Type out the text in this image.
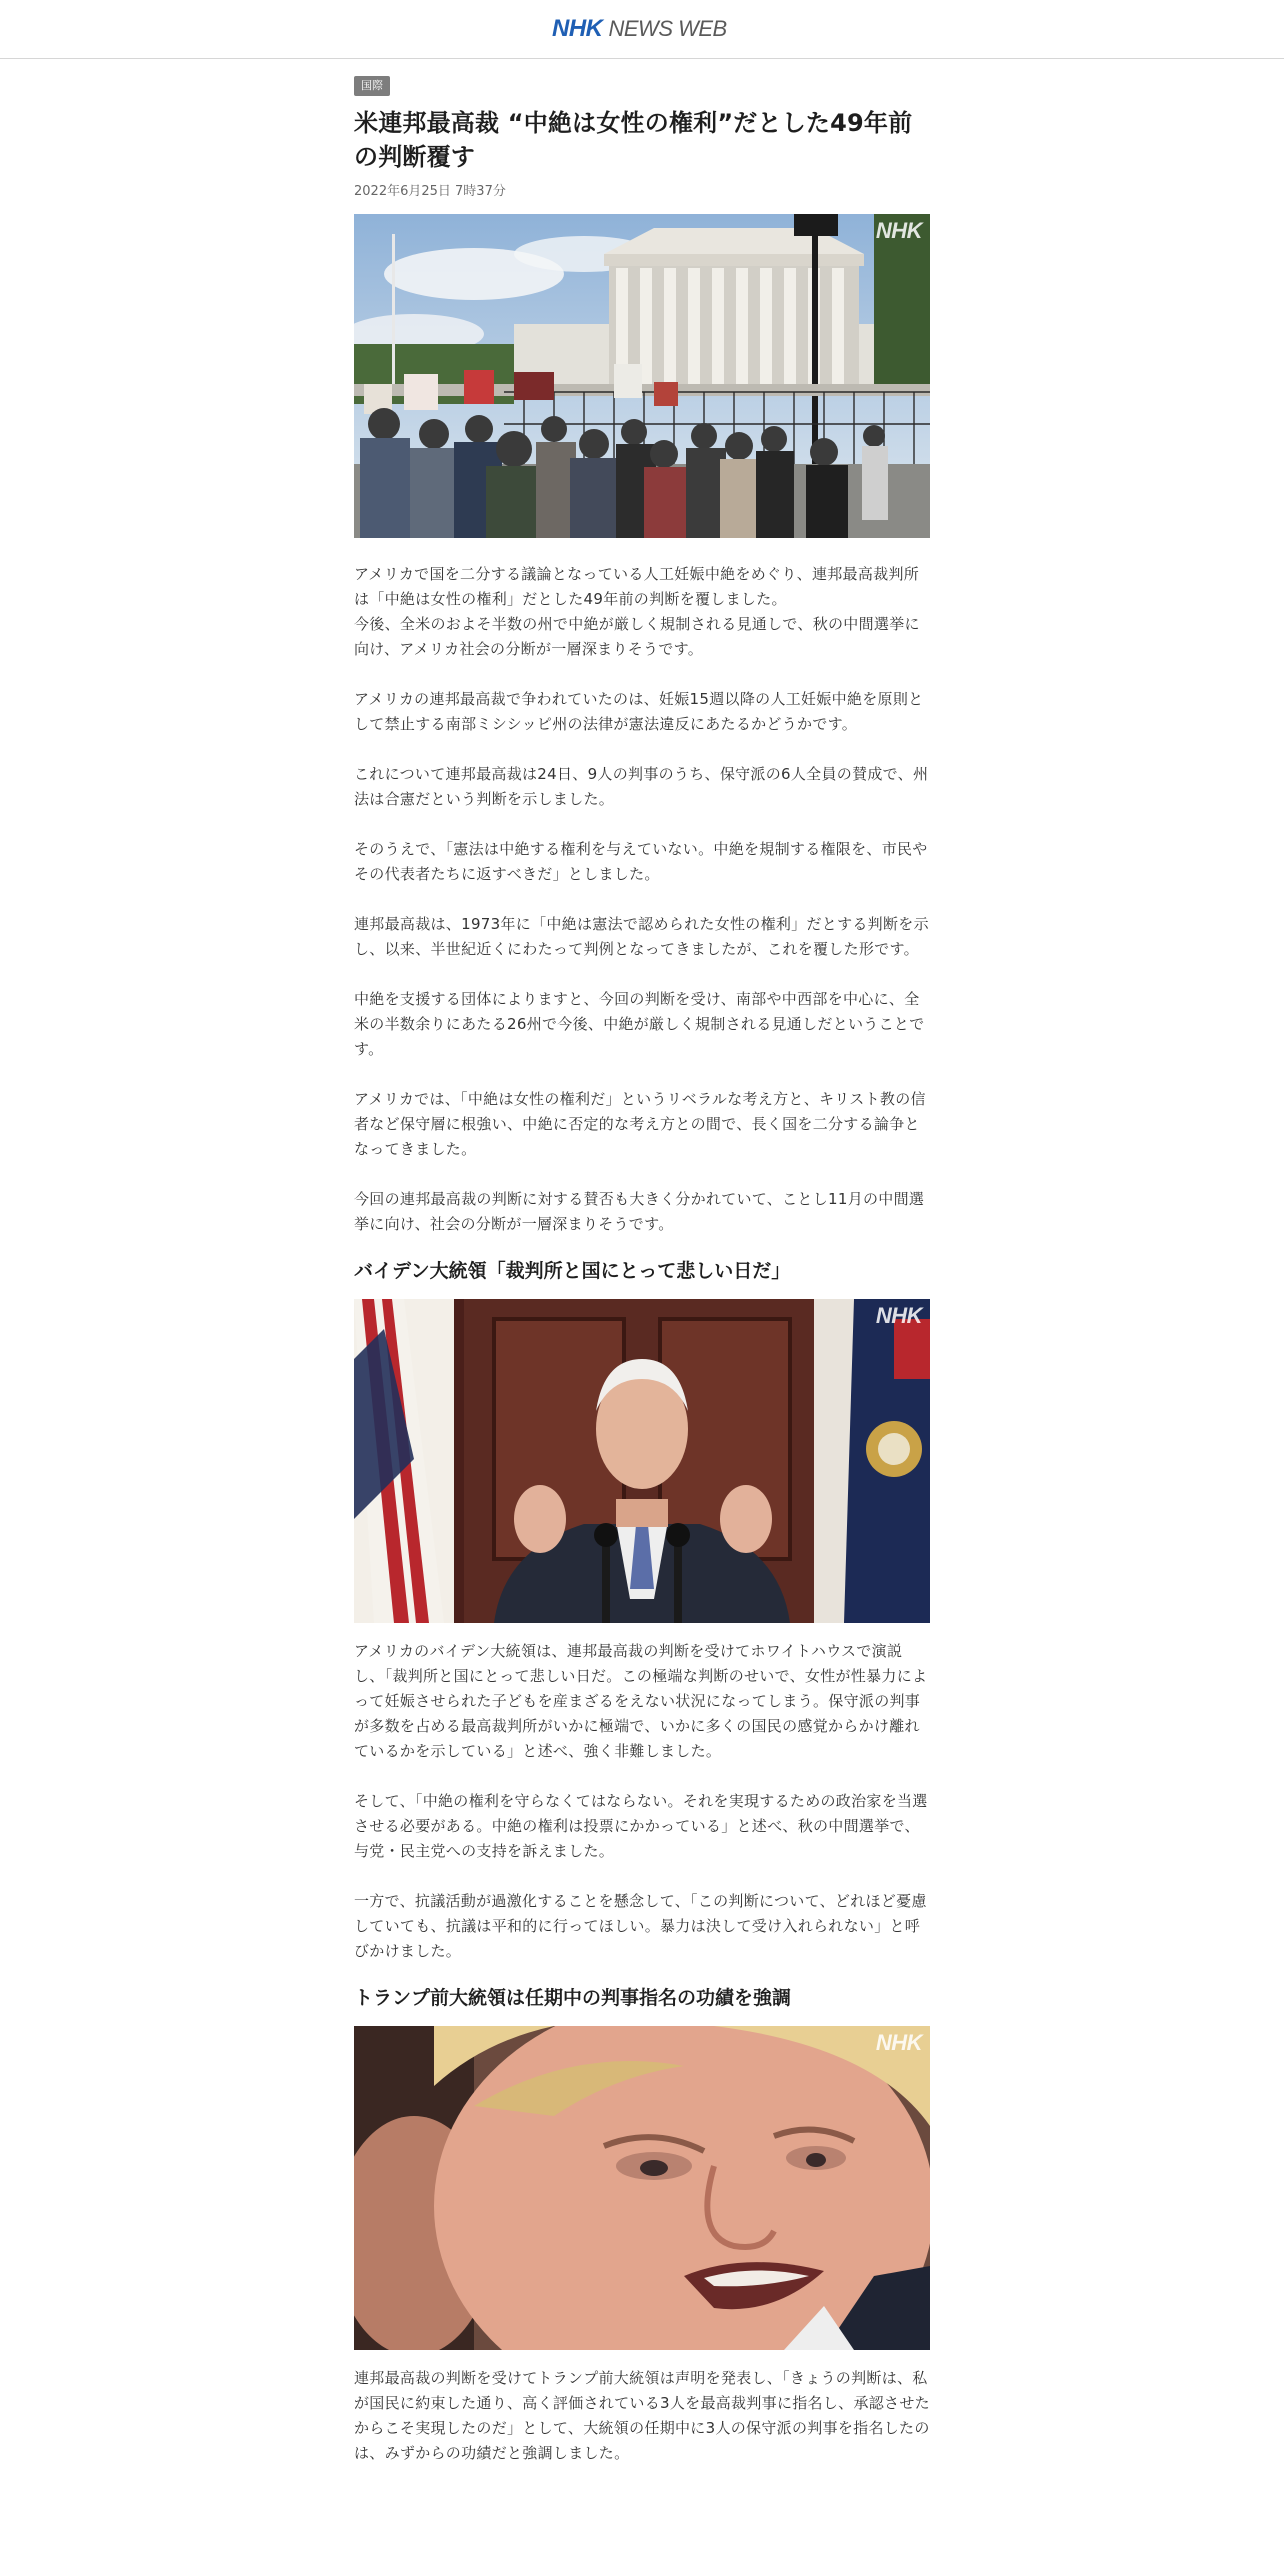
NHK NEWS WEB
国際
米連邦最高裁 “中絶は女性の権利”だとした49年前の判断覆す
2022年6月25日 7時37分
NHK

アメリカで国を二分する議論となっている人工妊娠中絶をめぐり、連邦最高裁判所は「中絶は女性の権利」だとした49年前の判断を覆しました。
今後、全米のおよそ半数の州で中絶が厳しく規制される見通しで、秋の中間選挙に向け、アメリカ社会の分断が一層深まりそうです。

アメリカの連邦最高裁で争われていたのは、妊娠15週以降の人工妊娠中絶を原則として禁止する南部ミシシッピ州の法律が憲法違反にあたるかどうかです。

これについて連邦最高裁は24日、9人の判事のうち、保守派の6人全員の賛成で、州法は合憲だという判断を示しました。

そのうえで、「憲法は中絶する権利を与えていない。中絶を規制する権限を、市民やその代表者たちに返すべきだ」としました。

連邦最高裁は、1973年に「中絶は憲法で認められた女性の権利」だとする判断を示し、以来、半世紀近くにわたって判例となってきましたが、これを覆した形です。

中絶を支援する団体によりますと、今回の判断を受け、南部や中西部を中心に、全米の半数余りにあたる26州で今後、中絶が厳しく規制される見通しだということです。

アメリカでは、「中絶は女性の権利だ」というリベラルな考え方と、キリスト教の信者など保守層に根強い、中絶に否定的な考え方との間で、長く国を二分する論争となってきました。

今回の連邦最高裁の判断に対する賛否も大きく分かれていて、ことし11月の中間選挙に向け、社会の分断が一層深まりそうです。

バイデン大統領「裁判所と国にとって悲しい日だ」
NHK

アメリカのバイデン大統領は、連邦最高裁の判断を受けてホワイトハウスで演説し、「裁判所と国にとって悲しい日だ。この極端な判断のせいで、女性が性暴力によって妊娠させられた子どもを産まざるをえない状況になってしまう。保守派の判事が多数を占める最高裁判所がいかに極端で、いかに多くの国民の感覚からかけ離れているかを示している」と述べ、強く非難しました。

そして、「中絶の権利を守らなくてはならない。それを実現するための政治家を当選させる必要がある。中絶の権利は投票にかかっている」と述べ、秋の中間選挙で、与党・民主党への支持を訴えました。

一方で、抗議活動が過激化することを懸念して、「この判断について、どれほど憂慮していても、抗議は平和的に行ってほしい。暴力は決して受け入れられない」と呼びかけました。

トランプ前大統領は任期中の判事指名の功績を強調
NHK

連邦最高裁の判断を受けてトランプ前大統領は声明を発表し、「きょうの判断は、私が国民に約束した通り、高く評価されている3人を最高裁判事に指名し、承認させたからこそ実現したのだ」として、大統領の任期中に3人の保守派の判事を指名したのは、みずからの功績だと強調しました。
